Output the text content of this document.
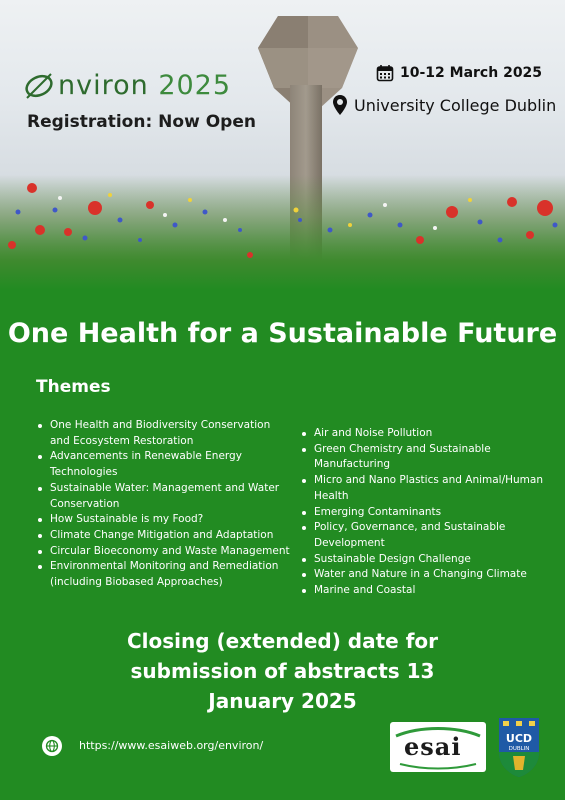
nviron 2025
Registration: Now Open
10-12 March 2025
University College Dublin
One Health for a Sustainable Future
Themes
One Health and Biodiversity Conservation and Ecosystem Restoration
Advancements in Renewable Energy Technologies
Sustainable Water: Management and Water Conservation
How Sustainable is my Food?
Climate Change Mitigation and Adaptation
Circular Bioeconomy and Waste Management
Environmental Monitoring and Remediation (including Biobased Approaches)
Air and Noise Pollution
Green Chemistry and Sustainable Manufacturing
Micro and Nano Plastics and Animal/Human Health
Emerging Contaminants
Policy, Governance, and Sustainable Development
Sustainable Design Challenge
Water and Nature in a Changing Climate
Marine and Coastal
Closing (extended) date for submission of abstracts 13 January 2025
https://www.esaiweb.org/environ/	esai	UCD
DUBLIN
